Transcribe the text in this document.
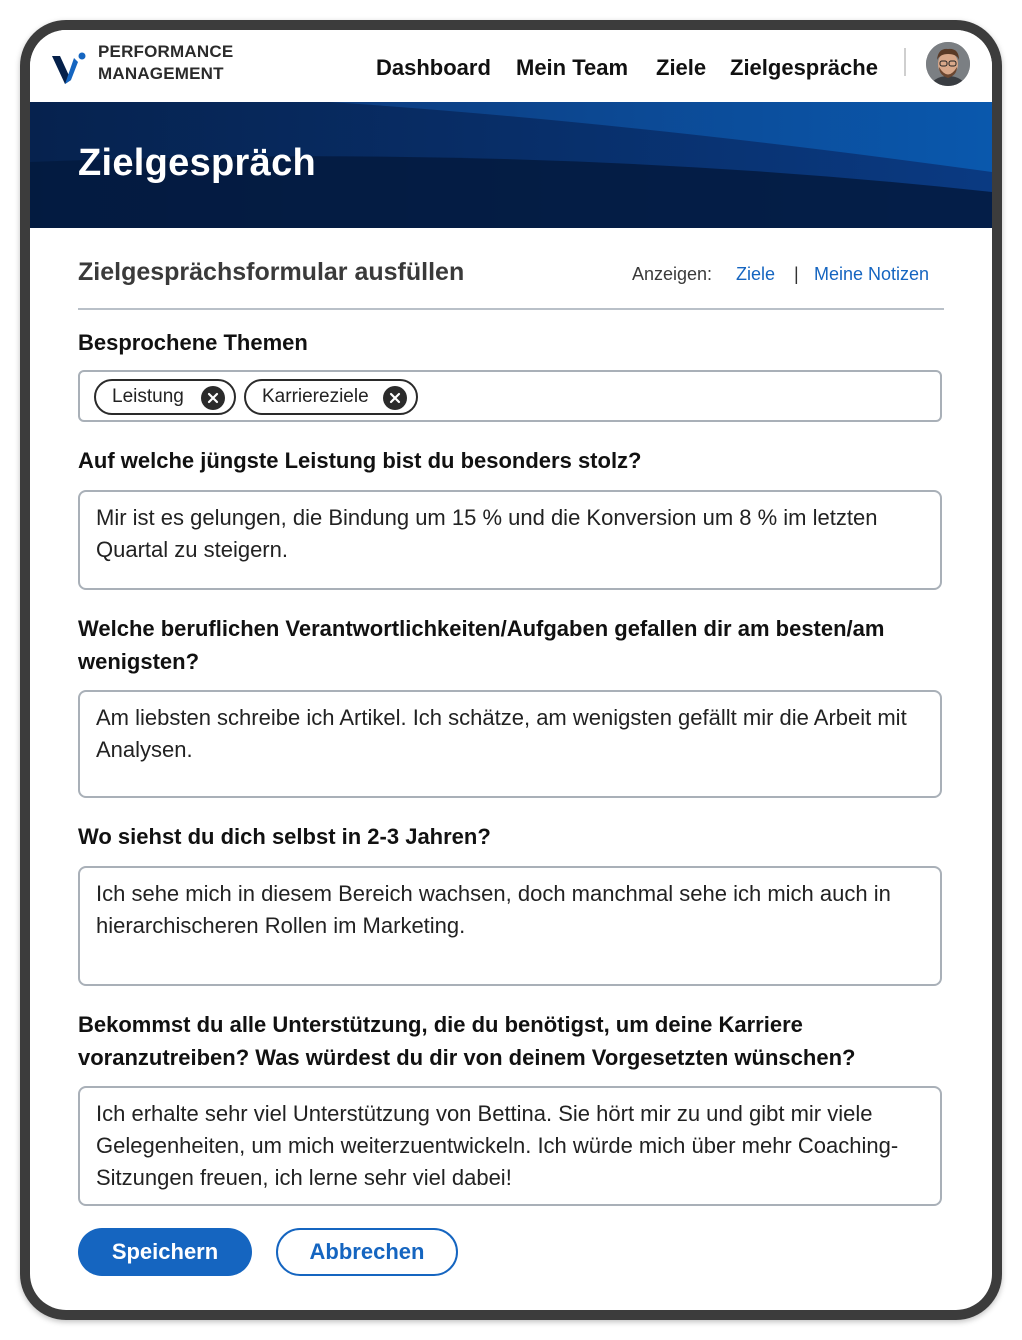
PERFORMANCE
MANAGEMENT	Dashboard Mein Team Ziele Zielgespräche
Zielgespräch
Zielgesprächsformular ausfüllen	Anzeigen: Ziele | Meine Notizen
Besprochene Themen
Leistung	Karriereziele
Auf welche jüngste Leistung bist du besonders stolz?
Mir ist es gelungen, die Bindung um 15 % und die Konversion um 8 % im letzten Quartal zu steigern.
Welche beruflichen Verantwortlichkeiten/Aufgaben gefallen dir am besten/am wenigsten?
Am liebsten schreibe ich Artikel. Ich schätze, am wenigsten gefällt mir die Arbeit mit Analysen.
Wo siehst du dich selbst in 2-3 Jahren?
Ich sehe mich in diesem Bereich wachsen, doch manchmal sehe ich mich auch in hierarchischeren Rollen im Marketing.
Bekommst du alle Unterstützung, die du benötigst, um deine Karriere voranzutreiben? Was würdest du dir von deinem Vorgesetzten wünschen?
Ich erhalte sehr viel Unterstützung von Bettina. Sie hört mir zu und gibt mir viele Gelegenheiten, um mich weiterzuentwickeln. Ich würde mich über mehr Coaching-Sitzungen freuen, ich lerne sehr viel dabei!
Speichern	Abbrechen
